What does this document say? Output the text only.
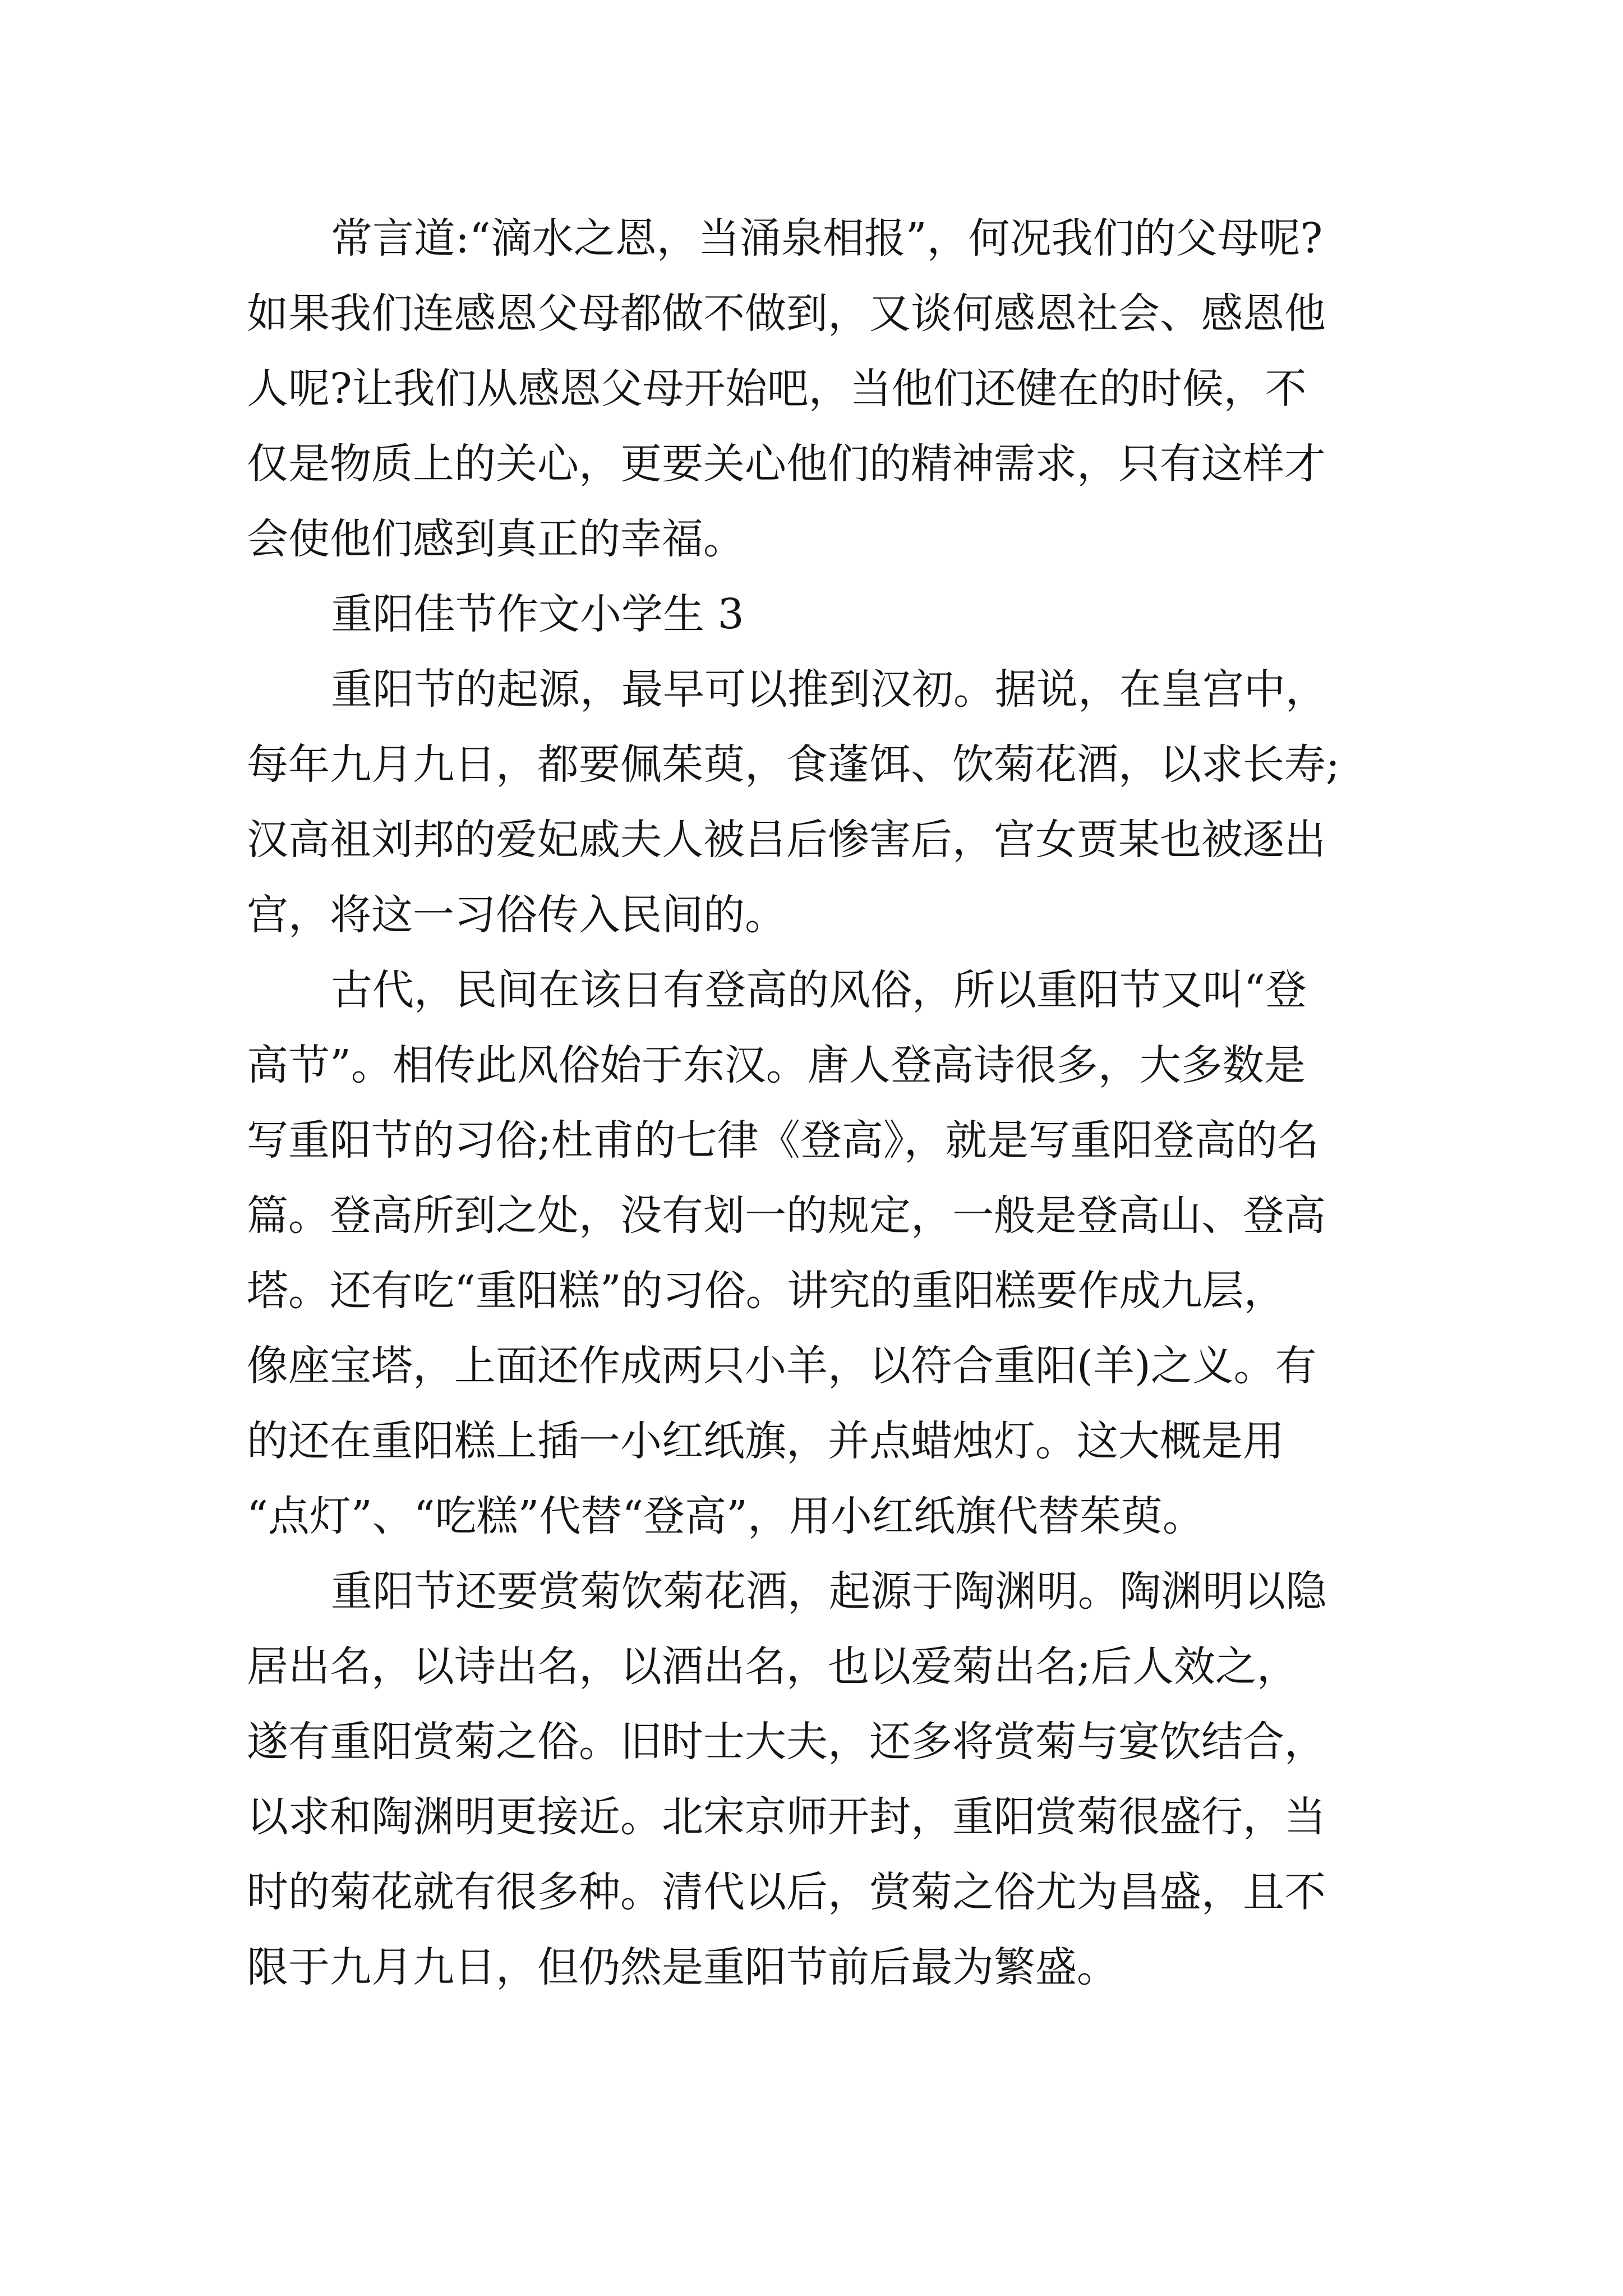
常言道:“滴水之恩，当涌泉相报”，何况我们的父母呢?

如果我们连感恩父母都做不做到，又谈何感恩社会、感恩他

人呢?让我们从感恩父母开始吧，当他们还健在的时候，不

仅是物质上的关心，更要关心他们的精神需求，只有这样才

会使他们感到真正的幸福。

重阳佳节作文小学生 3

重阳节的起源，最早可以推到汉初。据说，在皇宫中，

每年九月九日，都要佩茱萸，食蓬饵、饮菊花酒，以求长寿;

汉高祖刘邦的爱妃戚夫人被吕后惨害后，宫女贾某也被逐出

宫，将这一习俗传入民间的。

古代，民间在该日有登高的风俗，所以重阳节又叫“登

高节”。相传此风俗始于东汉。唐人登高诗很多，大多数是

写重阳节的习俗;杜甫的七律《登高》，就是写重阳登高的名

篇。登高所到之处，没有划一的规定，一般是登高山、登高

塔。还有吃“重阳糕”的习俗。讲究的重阳糕要作成九层，

像座宝塔，上面还作成两只小羊，以符合重阳(羊)之义。有

的还在重阳糕上插一小红纸旗，并点蜡烛灯。这大概是用

“点灯”、“吃糕”代替“登高”，用小红纸旗代替茱萸。

重阳节还要赏菊饮菊花酒，起源于陶渊明。陶渊明以隐

居出名，以诗出名，以酒出名，也以爱菊出名;后人效之，

遂有重阳赏菊之俗。旧时士大夫，还多将赏菊与宴饮结合，

以求和陶渊明更接近。北宋京师开封，重阳赏菊很盛行，当

时的菊花就有很多种。清代以后，赏菊之俗尤为昌盛，且不

限于九月九日，但仍然是重阳节前后最为繁盛。
